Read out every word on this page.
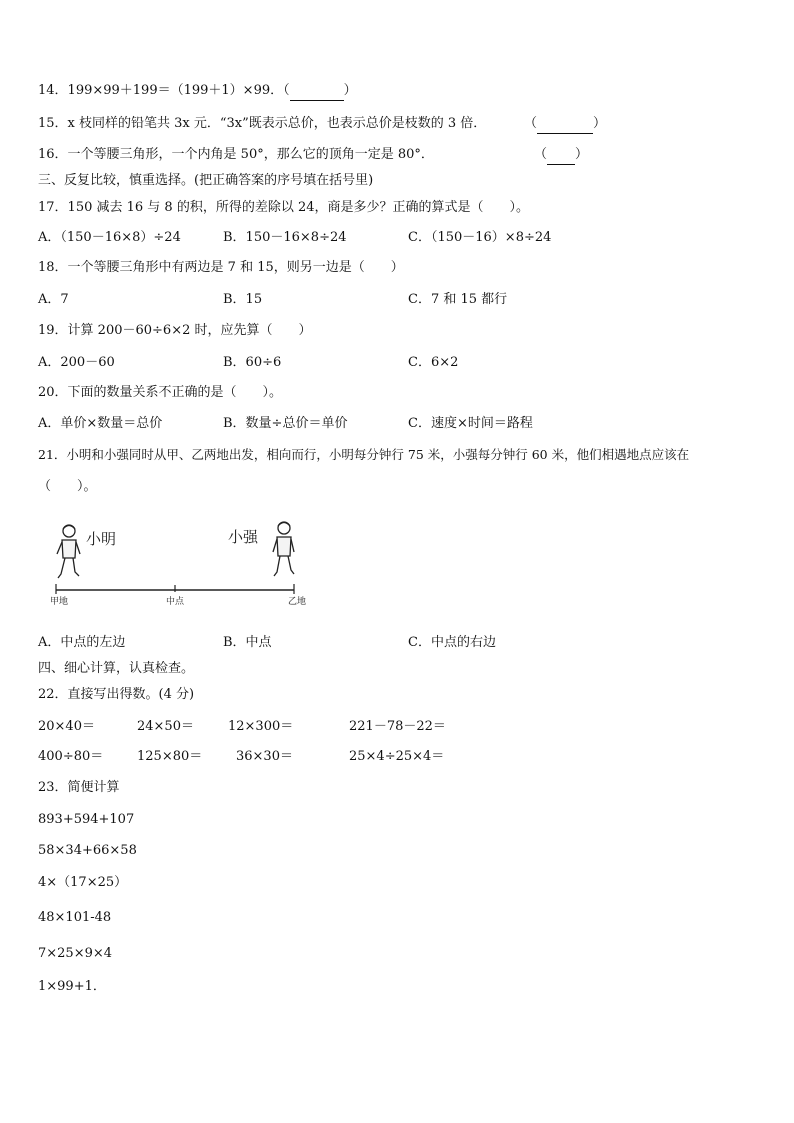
14．199×99＋199＝（199＋1）×99．（	）
15．x 枝同样的铅笔共 3x 元．“3x”既表示总价，也表示总价是枝数的 3 倍．	（	）
16．一个等腰三角形，一个内角是 50°，那么它的顶角一定是 80°．	（ ）
三、反复比较，慎重选择。(把正确答案的序号填在括号里)
17．150 减去 16 与 8 的积，所得的差除以 24，商是多少？正确的算式是（　　）。
A．（150－16×8）÷24	B．150－16×8÷24	C．（150－16）×8÷24
18．一个等腰三角形中有两边是 7 和 15，则另一边是（　　）
A．7	B．15	C．7 和 15 都行
19．计算 200－60÷6×2 时，应先算（　　）
A．200－60	B．60÷6	C．6×2
20．下面的数量关系不正确的是（　　）。
A．单价×数量＝总价	B．数量÷总价＝单价	C．速度×时间＝路程
21．小明和小强同时从甲、乙两地出发，相向而行，小明每分钟行 75 米，小强每分钟行 60 米，他们相遇地点应该在
（　　）。
小明	小强
甲地	中点	乙地
A．中点的左边	B．中点	C．中点的右边
四、细心计算，认真检查。
22．直接写出得数。(4 分)
20×40＝	24×50＝	12×300＝	221－78－22＝
400÷80＝	125×80＝	36×30＝	25×4÷25×4＝
23．简便计算
893+594+107
58×34+66×58
4×（17×25）
48×101-48
7×25×9×4
1×99+1．
